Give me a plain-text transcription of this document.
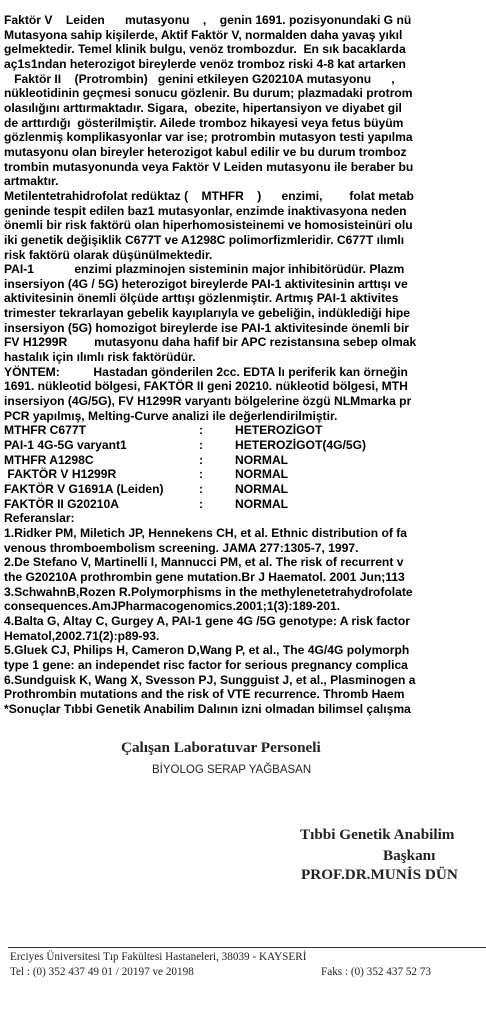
Faktör V    Leiden      mutasyonu    ,    genin 1691. pozisyonundaki G nü
Mutasyona sahip kişilerde, Aktif Faktör V, normalden daha yavaş yıkıl
gelmektedir. Temel klinik bulgu, venöz trombozdur.  En sık bacaklarda
aç1s1ndan heterozigot bireylerde venöz tromboz riski 4-8 kat artarken
Faktör II    (Protrombin)   genini etkileyen G20210A mutasyonu      ,
nükleotidinin geçmesi sonucu gözlenir. Bu durum; plazmadaki protrom
olasılığını arttırmaktadır. Sigara,  obezite, hipertansiyon ve diyabet gil
de arttırdığı  gösterilmiştir. Ailede tromboz hikayesi veya fetus büyüm
gözlenmiş komplikasyonlar var ise; protrombin mutasyon testi yapılma
mutasyonu olan bireyler heterozigot kabul edilir ve bu durum tromboz
trombin mutasyonunda veya Faktör V Leiden mutasyonu ile beraber bu
artmaktır.
Metilentetrahidrofolat redüktaz (    MTHFR    )      enzimi,        folat metab
geninde tespit edilen baz1 mutasyonlar, enzimde inaktivasyona neden
önemli bir risk faktörü olan hiperhomosisteinemi ve homosisteinüri olu
iki genetik değişiklik C677T ve A1298C polimorfizmleridir. C677T ılımlı
risk faktörü olarak düşünülmektedir.
PAI-1            enzimi plazminojen sisteminin major inhibitörüdür. Plazm
insersiyon (4G / 5G) heterozigot bireylerde PAI-1 aktivitesinin arttışı ve
aktivitesinin önemli ölçüde arttışı gözlenmiştir. Artmış PAI-1 aktivites
trimester tekrarlayan gebelik kayıplarıyla ve gebeliğin, indüklediği hipe
insersiyon (5G) homozigot bireylerde ise PAI-1 aktivitesinde önemli bir
FV H1299R        mutasyonu daha hafif bir APC rezistansına sebep olmak
hastalık için ılımlı risk faktörüdür.
YÖNTEM:          Hastadan gönderilen 2cc. EDTA lı periferik kan örneğin
1691. nükleotid bölgesi, FAKTÖR II geni 20210. nükleotid bölgesi, MTH
insersiyon (4G/5G), FV H1299R varyantı bölgelerine özgü NLMmarka pr
PCR yapılmış, Melting-Curve analizi ile değerlendirilmiştir.
MTHFR C677T	:	HETEROZİGOT
PAI-1 4G-5G varyant1	:	HETEROZİGOT(4G/5G)
MTHFR A1298C	:	NORMAL
FAKTÖR V H1299R	:	NORMAL
FAKTÖR V G1691A (Leiden)	:	NORMAL
FAKTÖR II G20210A	:	NORMAL
Referanslar:
1.Ridker PM, Miletich JP, Hennekens CH, et al. Ethnic distribution of fa
venous thromboembolism screening. JAMA 277:1305-7, 1997.
2.De Stefano V, Martinelli I, Mannucci PM, et al. The risk of recurrent v
the G20210A prothrombin gene mutation.Br J Haematol. 2001 Jun;113
3.SchwahnB,Rozen R.Polymorphisms in the methylenetetrahydrofolate
consequences.AmJPharmacogenomics.2001;1(3):189-201.
4.Balta G, Altay C, Gurgey A, PAI-1 gene 4G /5G genotype: A risk factor
Hematol,2002.71(2):p89-93.
5.Gluek CJ, Philips H, Cameron D,Wang P, et al., The 4G/4G polymorph
type 1 gene: an independet risc factor for serious pregnancy complica
6.Sundguisk K, Wang X, Svesson PJ, Sungguist J, et al., Plasminogen a
Prothrombin mutations and the risk of VTE recurrence. Thromb Haem
*Sonuçlar Tıbbi Genetik Anabilim Dalının izni olmadan bilimsel çalışma
Çalışan Laboratuvar Personeli
BİYOLOG SERAP YAĞBASAN
Tıbbi Genetik Anabilim
Başkanı
PROF.DR.MUNİS DÜN
Erciyes Üniversitesi Tıp Fakültesi Hastaneleri, 38039 - KAYSERİ
Tel : (0) 352 437 49 01 / 20197 ve 20198	Faks : (0) 352 437 52 73
